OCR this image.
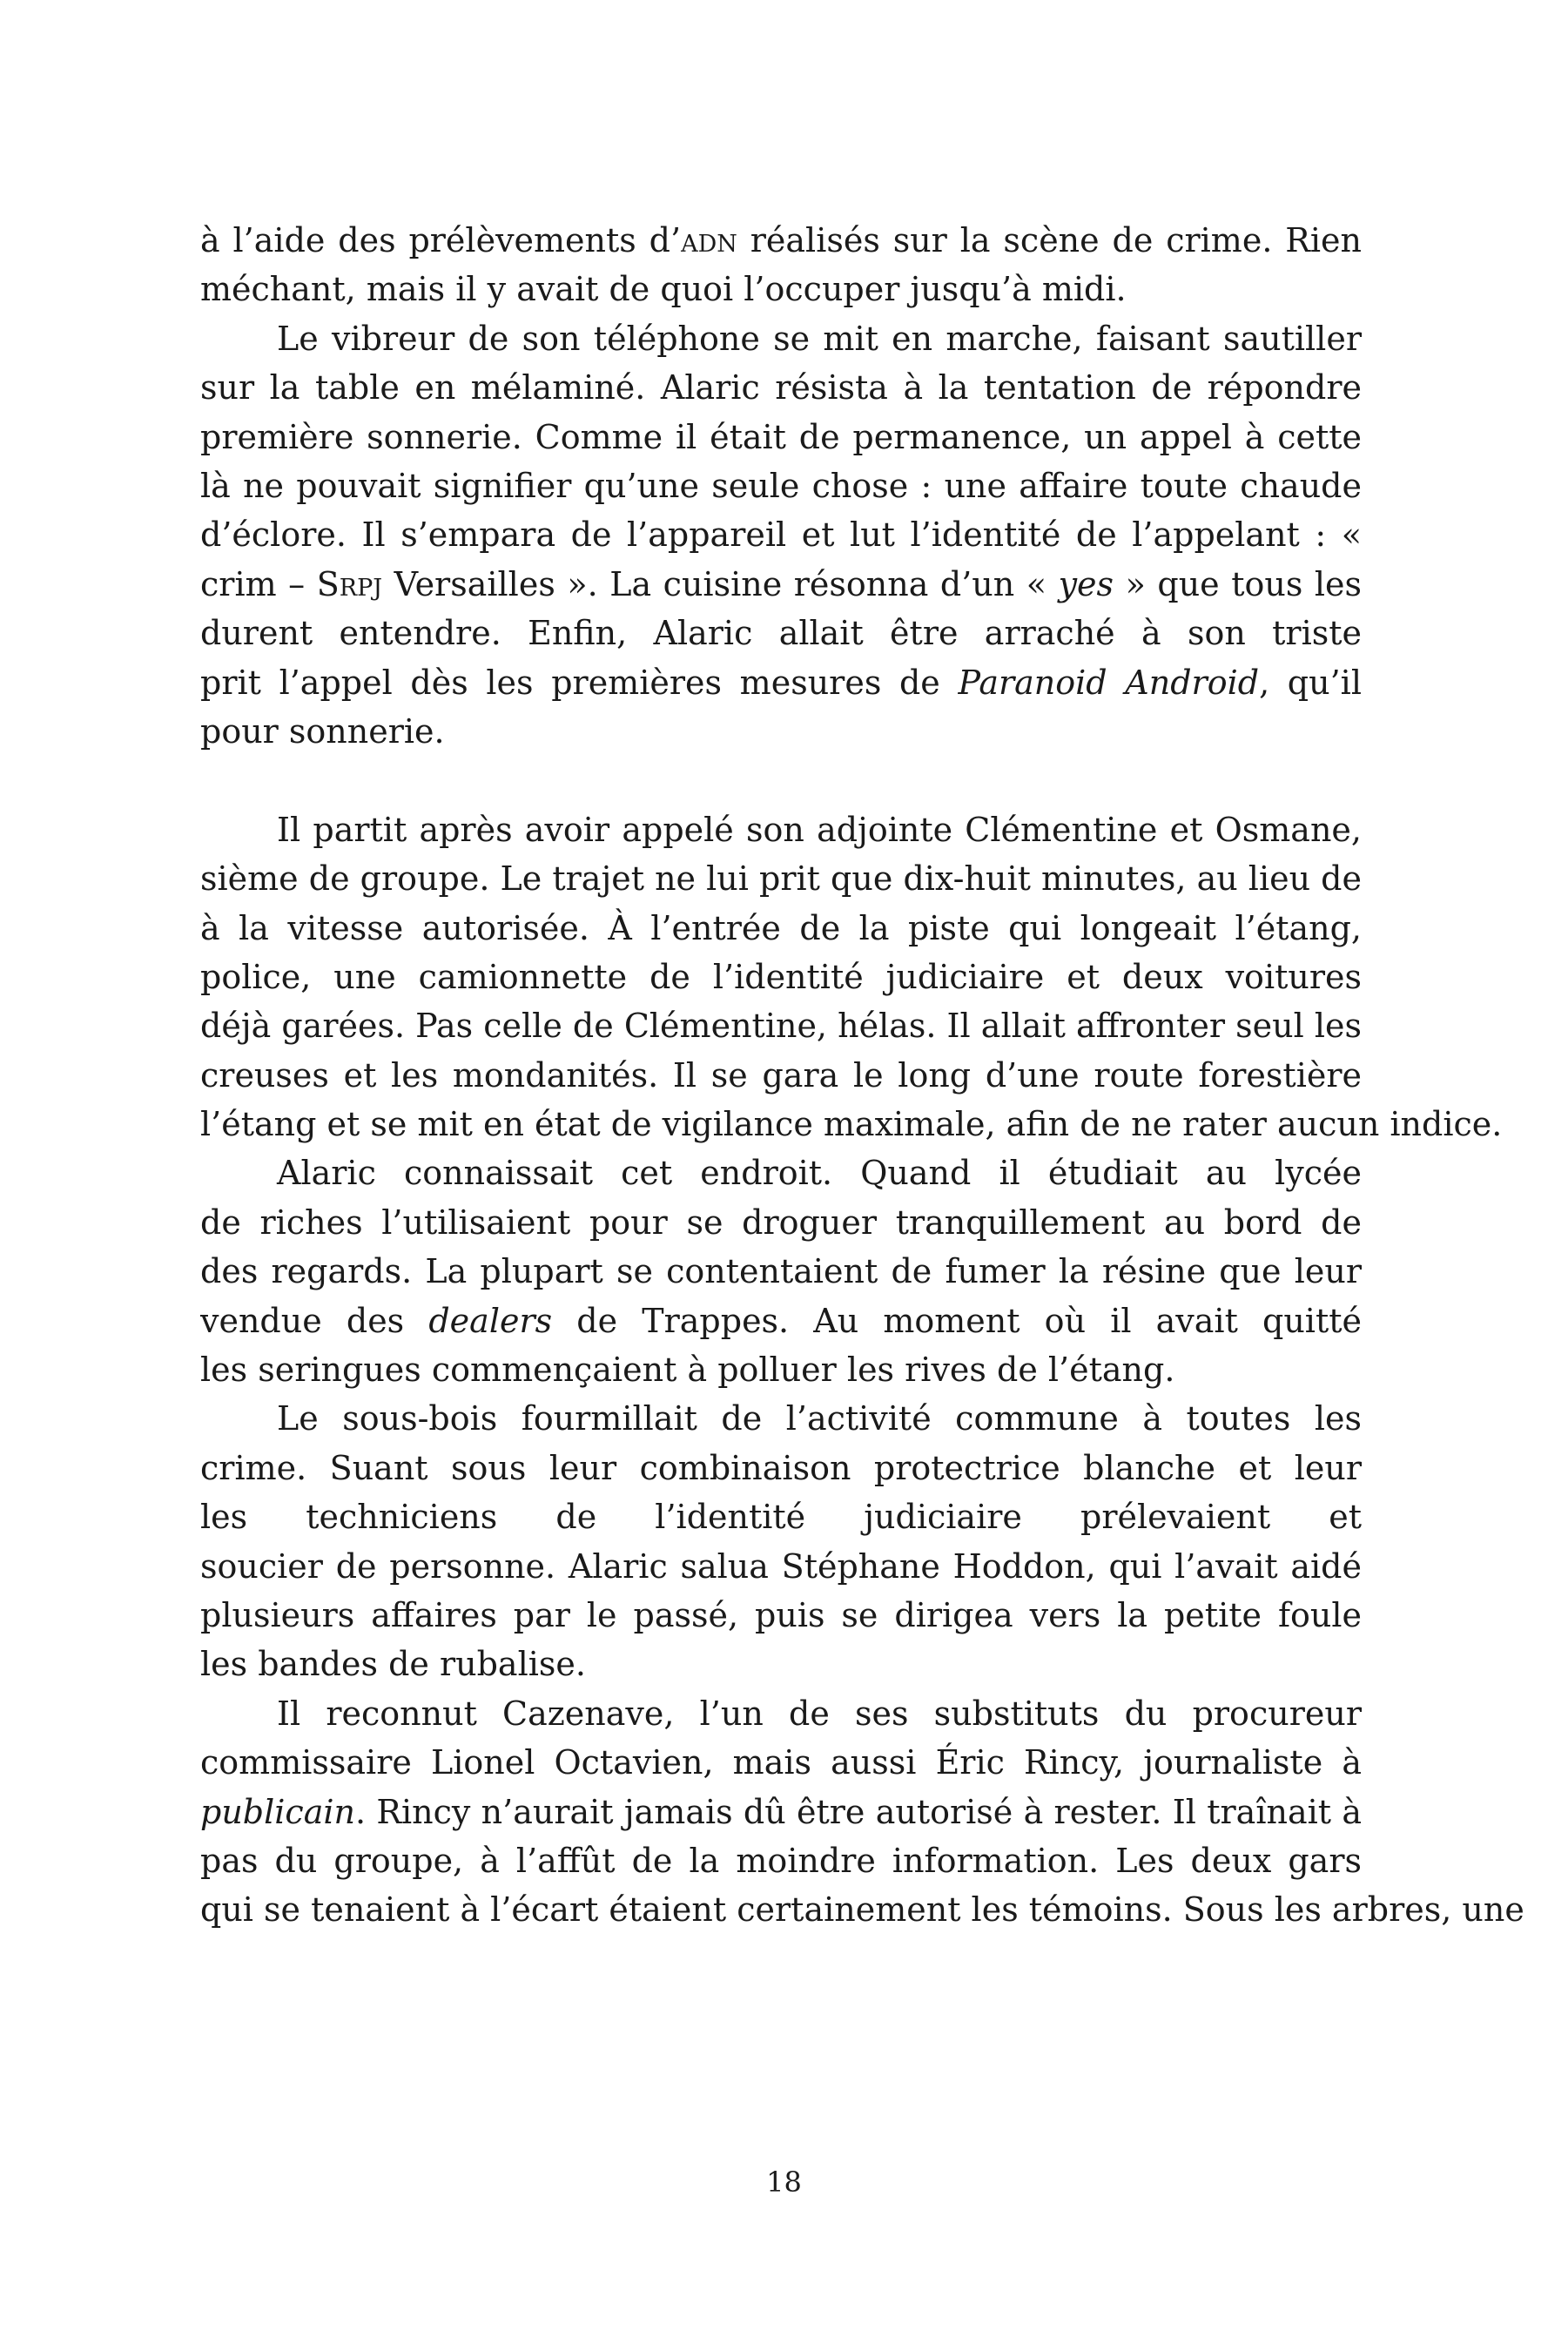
à l’aide des prélèvements d’adn réalisés sur la scène de crime. Rien
méchant, mais il y avait de quoi l’occuper jusqu’à midi.
Le vibreur de son téléphone se mit en marche, faisant sautiller
sur la table en mélaminé. Alaric résista à la tentation de répondre
première sonnerie. Comme il était de permanence, un appel à cette
là ne pouvait signifier qu’une seule chose : une affaire toute chaude
d’éclore. Il s’empara de l’appareil et lut l’identité de l’appelant : «
crim – Srpj Versailles ». La cuisine résonna d’un « yes » que tous les
durent entendre. Enfin, Alaric allait être arraché à son triste
prit l’appel dès les premières mesures de Paranoid Android, qu’il
pour sonnerie.
Il partit après avoir appelé son adjointe Clémentine et Osmane,
sième de groupe. Le trajet ne lui prit que dix-huit minutes, au lieu de
à la vitesse autorisée. À l’entrée de la piste qui longeait l’étang,
police, une camionnette de l’identité judiciaire et deux voitures
déjà garées. Pas celle de Clémentine, hélas. Il allait affronter seul les
creuses et les mondanités. Il se gara le long d’une route forestière
l’étang et se mit en état de vigilance maximale, afin de ne rater aucun indice.
Alaric connaissait cet endroit. Quand il étudiait au lycée
de riches l’utilisaient pour se droguer tranquillement au bord de
des regards. La plupart se contentaient de fumer la résine que leur
vendue des dealers de Trappes. Au moment où il avait quitté
les seringues commençaient à polluer les rives de l’étang.
Le sous-bois fourmillait de l’activité commune à toutes les
crime. Suant sous leur combinaison protectrice blanche et leur
les techniciens de l’identité judiciaire prélevaient et
soucier de personne. Alaric salua Stéphane Hoddon, qui l’avait aidé
plusieurs affaires par le passé, puis se dirigea vers la petite foule
les bandes de rubalise.
Il reconnut Cazenave, l’un de ses substituts du procureur
commissaire Lionel Octavien, mais aussi Éric Rincy, journaliste à
publicain. Rincy n’aurait jamais dû être autorisé à rester. Il traînait à
pas du groupe, à l’affût de la moindre information. Les deux gars
qui se tenaient à l’écart étaient certainement les témoins. Sous les arbres, une
18
